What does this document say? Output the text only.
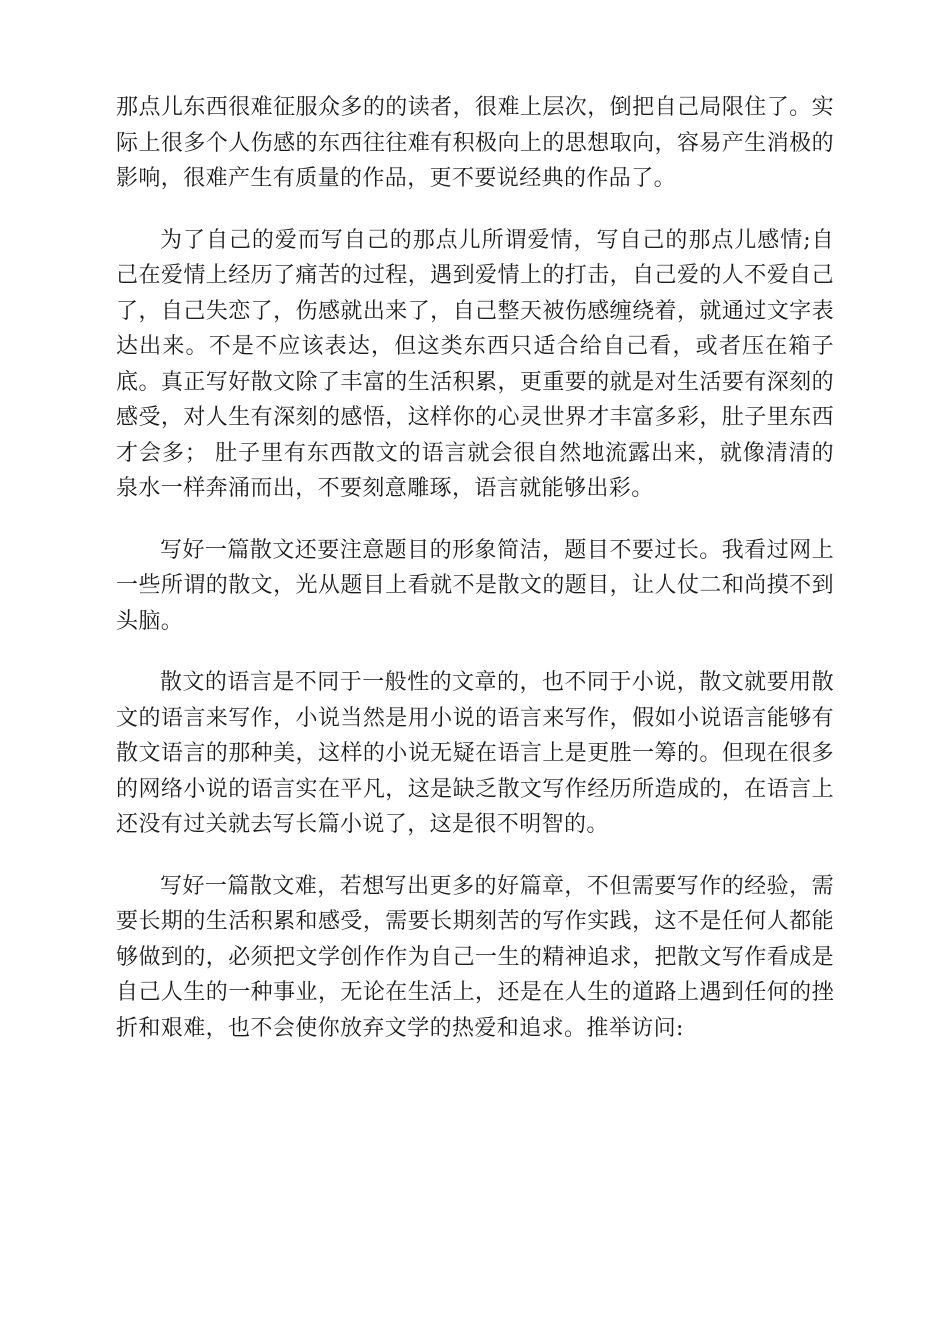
那点儿东西很难征服众多的的读者，很难上层次，倒把自己局限住了。实际上很多个人伤感的东西往往难有积极向上的思想取向，容易产生消极的影响，很难产生有质量的作品，更不要说经典的作品了。

为了自己的爱而写自己的那点儿所谓爱情，写自己的那点儿感情;自己在爱情上经历了痛苦的过程，遇到爱情上的打击，自己爱的人不爱自己了，自己失恋了，伤感就出来了，自己整天被伤感缠绕着，就通过文字表达出来。不是不应该表达，但这类东西只适合给自己看，或者压在箱子底。真正写好散文除了丰富的生活积累，更重要的就是对生活要有深刻的感受，对人生有深刻的感悟，这样你的心灵世界才丰富多彩，肚子里东西才会多； 肚子里有东西散文的语言就会很自然地流露出来，就像清清的泉水一样奔涌而出，不要刻意雕琢，语言就能够出彩。

写好一篇散文还要注意题目的形象简洁，题目不要过长。我看过网上一些所谓的散文，光从题目上看就不是散文的题目，让人仗二和尚摸不到头脑。

散文的语言是不同于一般性的文章的，也不同于小说，散文就要用散文的语言来写作，小说当然是用小说的语言来写作，假如小说语言能够有散文语言的那种美，这样的小说无疑在语言上是更胜一筹的。但现在很多的网络小说的语言实在平凡，这是缺乏散文写作经历所造成的，在语言上还没有过关就去写长篇小说了，这是很不明智的。

写好一篇散文难，若想写出更多的好篇章，不但需要写作的经验，需要长期的生活积累和感受，需要长期刻苦的写作实践，这不是任何人都能够做到的，必须把文学创作作为自己一生的精神追求，把散文写作看成是自己人生的一种事业，无论在生活上，还是在人生的道路上遇到任何的挫折和艰难，也不会使你放弃文学的热爱和追求。推举访问:
